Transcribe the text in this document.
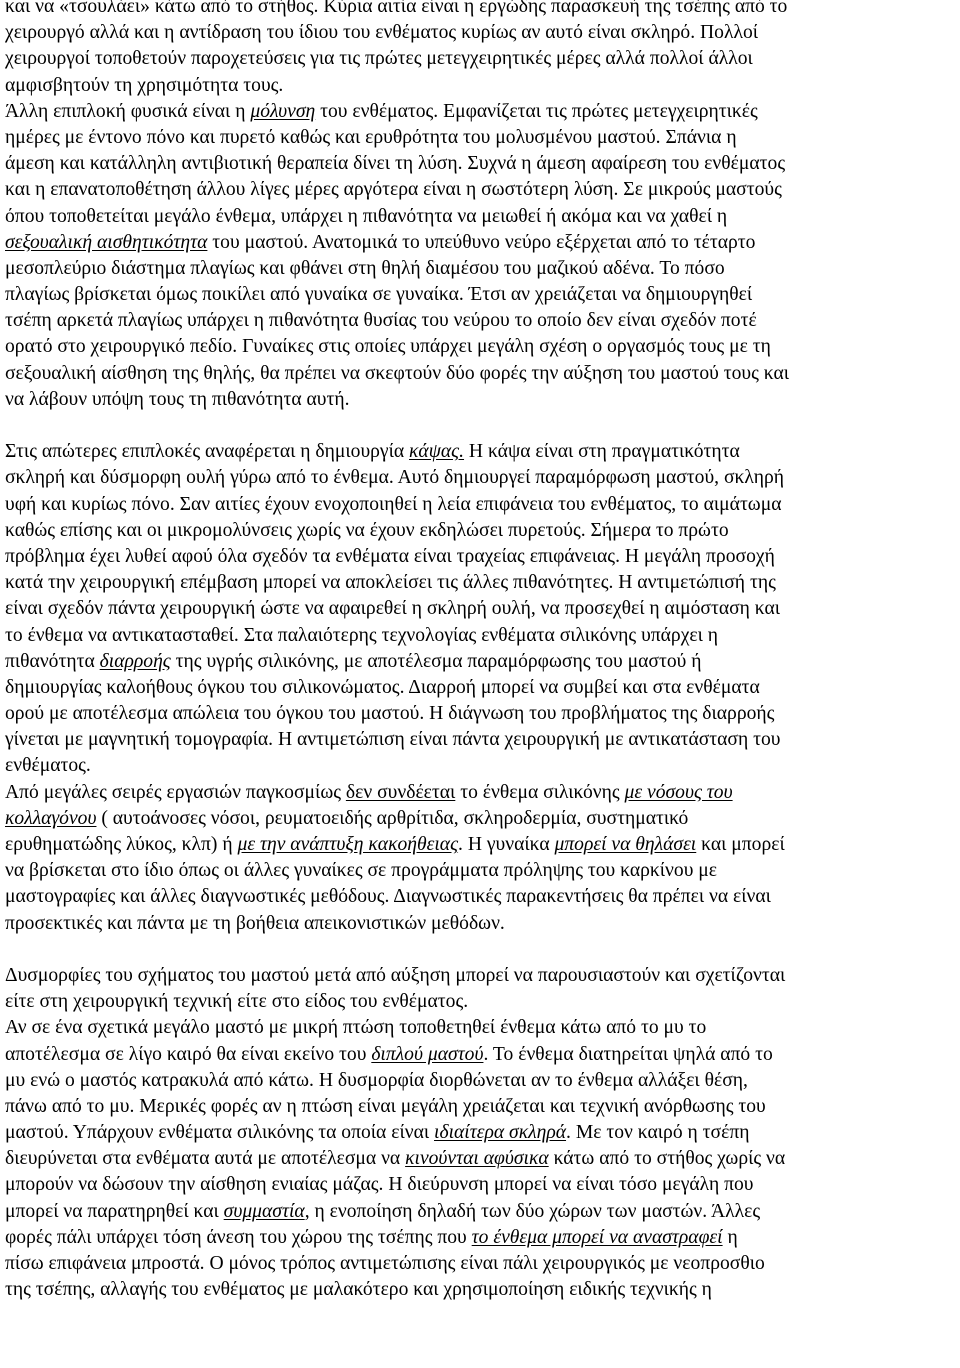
και να «τσουλάει» κάτω από το στήθος. Κύρια αιτία είναι η εργώδης παρασκευή της τσέπης από το
χειρουργό αλλά και η αντίδραση του ίδιου του ενθέματος κυρίως αν αυτό είναι σκληρό. Πολλοί
χειρουργοί τοποθετούν παροχετεύσεις για τις πρώτες μετεγχειρητικές μέρες αλλά πολλοί άλλοι
αμφισβητούν τη χρησιμότητα τους.
Άλλη επιπλοκή φυσικά είναι η μόλυνση του ενθέματος. Εμφανίζεται τις πρώτες μετεγχειρητικές
ημέρες με έντονο πόνο και πυρετό καθώς και ερυθρότητα του μολυσμένου μαστού. Σπάνια η
άμεση και κατάλληλη αντιβιοτική θεραπεία δίνει τη λύση. Συχνά η άμεση αφαίρεση του ενθέματος
και η επανατοποθέτηση άλλου λίγες μέρες αργότερα είναι η σωστότερη λύση. Σε μικρούς μαστούς
όπου τοποθετείται μεγάλο ένθεμα, υπάρχει η πιθανότητα να μειωθεί ή ακόμα και να χαθεί η
σεξουαλική αισθητικότητα του μαστού. Ανατομικά το υπεύθυνο νεύρο εξέρχεται από το τέταρτο
μεσοπλεύριο διάστημα πλαγίως και φθάνει στη θηλή διαμέσου του μαζικού αδένα. Το πόσο
πλαγίως βρίσκεται όμως ποικίλει από γυναίκα σε γυναίκα. Έτσι αν χρειάζεται να δημιουργηθεί
τσέπη αρκετά πλαγίως υπάρχει η πιθανότητα θυσίας του νεύρου το οποίο δεν είναι σχεδόν ποτέ
ορατό στο χειρουργικό πεδίο. Γυναίκες στις οποίες υπάρχει μεγάλη σχέση ο οργασμός τους με τη
σεξουαλική αίσθηση της θηλής, θα πρέπει να σκεφτούν δύο φορές την αύξηση του μαστού τους και
να λάβουν υπόψη τους τη πιθανότητα αυτή.
Στις απώτερες επιπλοκές αναφέρεται η δημιουργία κάψας. Η κάψα είναι στη πραγματικότητα
σκληρή και δύσμορφη ουλή γύρω από το ένθεμα. Αυτό δημιουργεί παραμόρφωση μαστού, σκληρή
υφή και κυρίως πόνο. Σαν αιτίες έχουν ενοχοποιηθεί η λεία επιφάνεια του ενθέματος, το αιμάτωμα
καθώς επίσης και οι μικρομολύνσεις χωρίς να έχουν εκδηλώσει πυρετούς. Σήμερα το πρώτο
πρόβλημα έχει λυθεί αφού όλα σχεδόν τα ενθέματα είναι τραχείας επιφάνειας. Η μεγάλη προσοχή
κατά την χειρουργική επέμβαση μπορεί να αποκλείσει τις άλλες πιθανότητες. Η αντιμετώπισή της
είναι σχεδόν πάντα χειρουργική ώστε να αφαιρεθεί η σκληρή ουλή, να προσεχθεί η αιμόσταση και
το ένθεμα να αντικατασταθεί. Στα παλαιότερης τεχνολογίας ενθέματα σιλικόνης υπάρχει η
πιθανότητα διαρροής της υγρής σιλικόνης, με αποτέλεσμα παραμόρφωσης του μαστού ή
δημιουργίας καλοήθους όγκου του σιλικονώματος. Διαρροή μπορεί να συμβεί και στα ενθέματα
ορού με αποτέλεσμα απώλεια του όγκου του μαστού. Η διάγνωση του προβλήματος της διαρροής
γίνεται με μαγνητική τομογραφία. Η αντιμετώπιση είναι πάντα χειρουργική με αντικατάσταση του
ενθέματος.
Από μεγάλες σειρές εργασιών παγκοσμίως δεν συνδέεται το ένθεμα σιλικόνης με νόσους του
κολλαγόνου ( αυτοάνοσες νόσοι, ρευματοειδής αρθρίτιδα, σκληροδερμία, συστηματικό
ερυθηματώδης λύκος, κλπ) ή με την ανάπτυξη κακοήθειας. Η γυναίκα μπορεί να θηλάσει και μπορεί
να βρίσκεται στο ίδιο όπως οι άλλες γυναίκες σε προγράμματα πρόληψης του καρκίνου με
μαστογραφίες και άλλες διαγνωστικές μεθόδους. Διαγνωστικές παρακεντήσεις θα πρέπει να είναι
προσεκτικές και πάντα με τη βοήθεια απεικονιστικών μεθόδων.
Δυσμορφίες του σχήματος του μαστού μετά από αύξηση μπορεί να παρουσιαστούν και σχετίζονται
είτε στη χειρουργική τεχνική είτε στο είδος του ενθέματος.
Αν σε ένα σχετικά μεγάλο μαστό με μικρή πτώση τοποθετηθεί ένθεμα κάτω από το μυ το
αποτέλεσμα σε λίγο καιρό θα είναι εκείνο του διπλού μαστού. Το ένθεμα διατηρείται ψηλά από το
μυ ενώ ο μαστός κατρακυλά από κάτω. Η δυσμορφία διορθώνεται αν το ένθεμα αλλάξει θέση,
πάνω από το μυ. Μερικές φορές αν η πτώση είναι μεγάλη χρειάζεται και τεχνική ανόρθωσης του
μαστού. Υπάρχουν ενθέματα σιλικόνης τα οποία είναι ιδιαίτερα σκληρά. Με τον καιρό η τσέπη
διευρύνεται στα ενθέματα αυτά με αποτέλεσμα να κινούνται αφύσικα κάτω από το στήθος χωρίς να
μπορούν να δώσουν την αίσθηση ενιαίας μάζας. Η διεύρυνση μπορεί να είναι τόσο μεγάλη που
μπορεί να παρατηρηθεί και συμμαστία, η ενοποίηση δηλαδή των δύο χώρων των μαστών. Άλλες
φορές πάλι υπάρχει τόση άνεση του χώρου της τσέπης που το ένθεμα μπορεί να αναστραφεί η
πίσω επιφάνεια μπροστά. Ο μόνος τρόπος αντιμετώπισης είναι πάλι χειρουργικός με νεοπροσθιο
της τσέπης, αλλαγής του ενθέματος με μαλακότερο και χρησιμοποίηση ειδικής τεχνικής η
